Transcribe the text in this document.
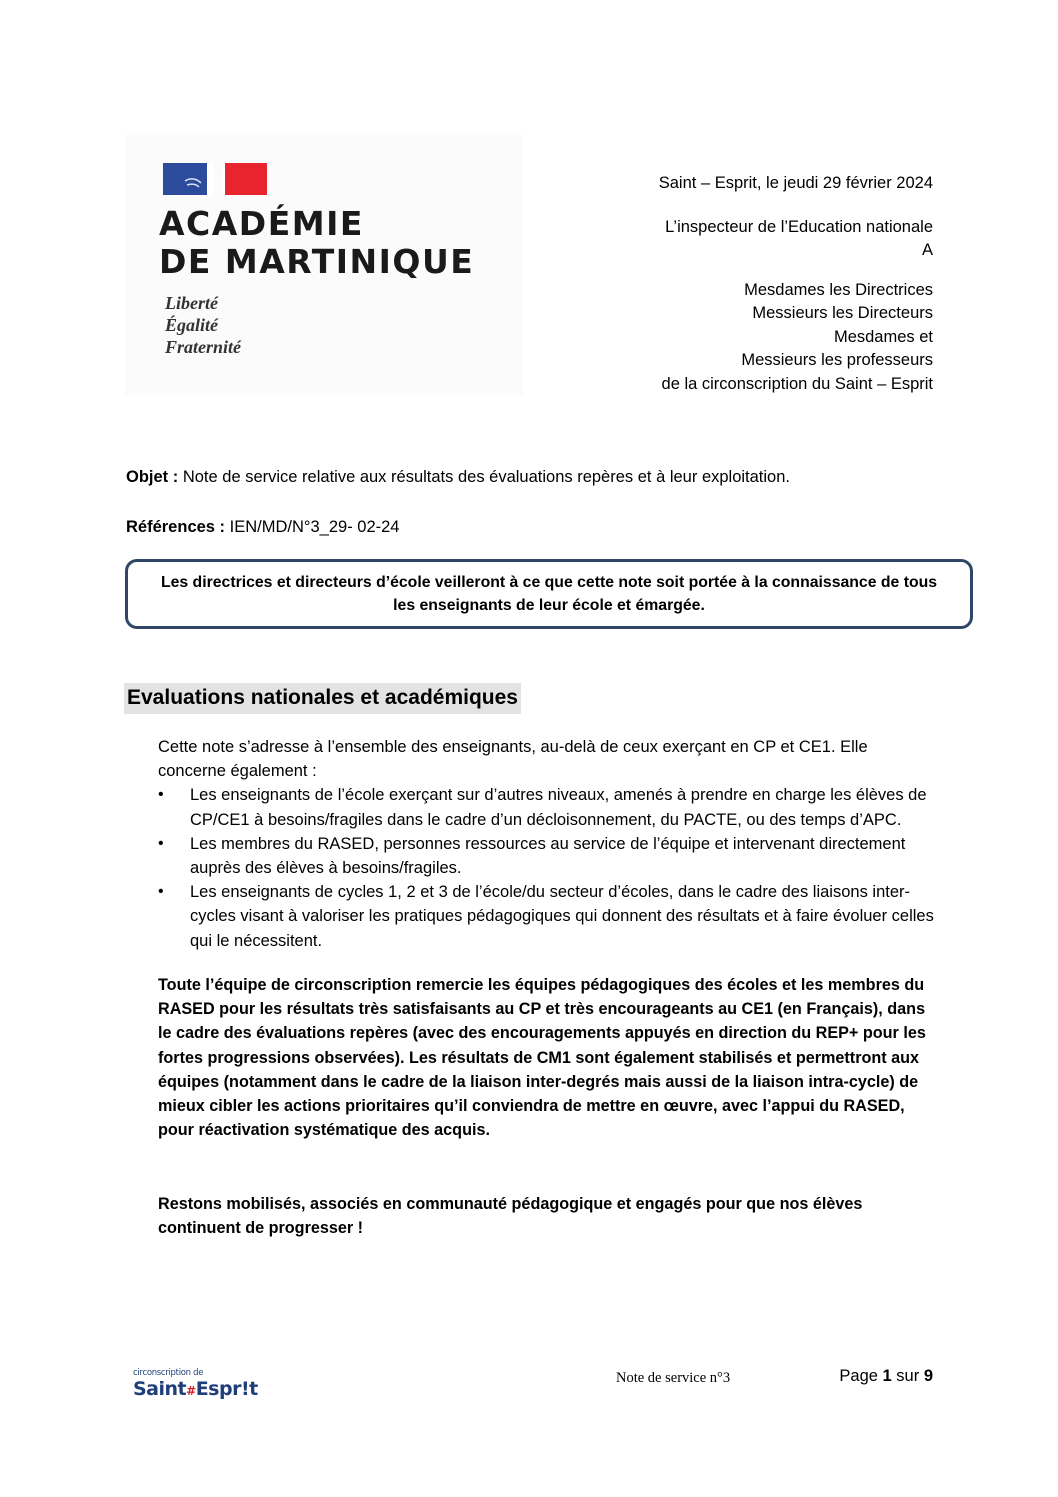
ACADÉMIE
DE MARTINIQUE
Liberté
Égalité
Fraternité
Saint – Esprit, le jeudi 29 février 2024
L’inspecteur de l’Education nationale
A
Mesdames les Directrices
Messieurs les Directeurs
Mesdames et
Messieurs les professeurs
de la circonscription du Saint – Esprit
Objet : Note de service relative aux résultats des évaluations repères et à leur exploitation.
Références : IEN/MD/N°3_29- 02-24
Les directrices et directeurs d’école veilleront à ce que cette note soit portée à la connaissance de tous les enseignants de leur école et émargée.
Evaluations nationales et académiques

Cette note s’adresse à l’ensemble des enseignants, au-delà de ceux exerçant en CP et CE1. Elle concerne également :

• Les enseignants de l’école exerçant sur d’autres niveaux, amenés à prendre en charge les élèves de CP/CE1 à besoins/fragiles dans le cadre d’un décloisonnement, du PACTE, ou des temps d’APC.
• Les membres du RASED, personnes ressources au service de l’équipe et intervenant directement auprès des élèves à besoins/fragiles.
• Les enseignants de cycles 1, 2 et 3 de l’école/du secteur d’écoles, dans le cadre des liaisons inter-cycles visant à valoriser les pratiques pédagogiques qui donnent des résultats et à faire évoluer celles qui le nécessitent.
Toute l’équipe de circonscription remercie les équipes pédagogiques des écoles et les membres du RASED pour les résultats très satisfaisants au CP et très encourageants au CE1 (en Français), dans le cadre des évaluations repères (avec des encouragements appuyés en direction du REP+ pour les fortes progressions observées). Les résultats de CM1 sont également stabilisés et permettront aux équipes (notamment dans le cadre de la liaison inter-degrés mais aussi de la liaison intra-cycle) de mieux cibler les actions prioritaires qu’il conviendra de mettre en œuvre, avec l’appui du RASED, pour réactivation systématique des acquis.
Restons mobilisés, associés en communauté pédagogique et engagés pour que nos élèves continuent de progresser !
circonscription de
Saint#Espr!t	Note de service n°3	Page 1 sur 9
